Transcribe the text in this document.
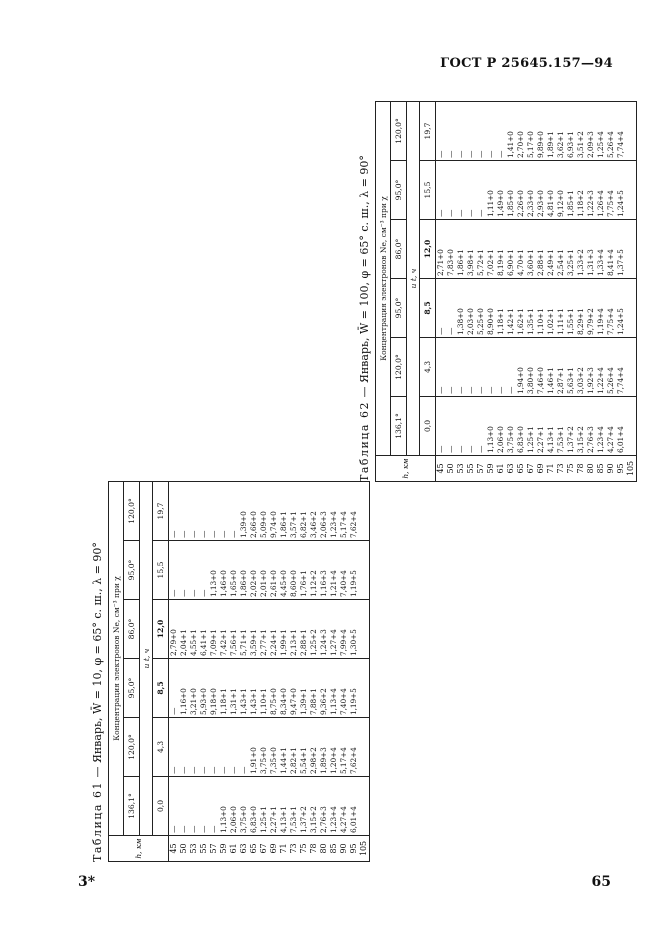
ГОСТ Р 25645.157—94
Таблица 61 — Январь, W̄ = 10, φ = 65° с. ш., λ = 90°
h, км	Концентрация электронов Ne, см⁻³ при χ					
	136,1°	120,0°	95,0°	86,0°	95,0°	120,0°
	и t, ч					
	0,0	4,3	8,5	12,0	15,5	19,7
45	—	—	—	2,79+0	—	—
50	—	—	1,16+0	2,04+1	—	—
53	—	—	3,21+0	4,55+1	—	—
55	—	—	5,93+0	6,41+1	—	—
57	—	—	9,18+0	7,09+1	1,13+0	—
59	1,13+0	—	1,18+1	7,42+1	1,46+0	—
61	2,06+0	—	1,31+1	7,56+1	1,65+0	—
63	3,75+0	—	1,43+1	5,71+1	1,86+0	1,39+0
65	6,83+0	1,91+0	1,43+1	3,59+1	2,02+0	2,66+0
67	1,25+1	3,75+0	1,10+1	2,77+1	2,01+0	5,09+0
69	2,27+1	7,35+0	8,75+0	2,24+1	2,61+0	9,74+0
71	4,13+1	1,44+1	8,34+0	1,99+1	4,45+0	1,86+1
73	7,53+1	2,82+1	9,47+0	2,13+1	8,60+0	3,57+1
75	1,37+2	5,54+1	1,39+1	2,88+1	1,76+1	6,82+1
78	3,15+2	2,98+2	7,88+1	1,25+2	1,12+2	3,46+2
80	2,76+3	1,89+3	9,36+2	1,24+3	1,16+3	2,06+3
85	1,23+4	1,20+4	1,13+4	1,27+4	1,21+4	1,23+4
90	4,27+4	5,17+4	7,40+4	7,99+4	7,40+4	5,17+4
95	6,01+4	7,62+4	1,19+5	1,30+5	1,19+5	7,62+4
105						
Таблица 62 — Январь, W̄ = 100, φ = 65° с. ш., λ = 90°
h, км	Концентрация электронов Ne, см⁻³ при χ					
	136,1°	120,0°	95,0°	86,0°	95,0°	120,0°
	и t, ч					
	0,0	4,3	8,5	12,0	15,5	19,7
45	—	—	—	2,71+0	—	—
50	—	—	—	7,83+0	—	—
53	—	—	1,38+0	1,86+1	—	—
55	—	—	2,03+0	3,98+1	—	—
57	—	—	5,25+0	5,72+1	—	—
59	1,13+0	—	8,90+0	7,02+1	1,11+0	—
61	2,06+0	—	1,18+1	8,19+1	1,49+0	—
63	3,75+0	—	1,42+1	6,90+1	1,85+0	1,41+0
65	6,83+0	1,94+0	1,62+1	4,70+1	2,26+0	2,70+0
67	1,25+1	3,80+0	1,35+1	3,60+1	2,33+0	5,17+0
69	2,27+1	7,46+0	1,10+1	2,88+1	2,93+0	9,89+0
71	4,13+1	1,46+1	1,02+1	2,49+1	4,81+0	1,89+1
73	7,53+1	2,87+1	1,11+1	2,54+1	9,12+0	3,62+1
75	1,37+2	5,63+1	1,55+1	3,25+1	1,85+1	6,93+1
78	3,15+2	3,03+2	8,29+1	1,33+2	1,18+2	3,51+2
80	2,76+3	1,92+3	9,79+2	1,31+3	1,22+3	2,09+3
85	1,23+4	1,22+4	1,19+4	1,33+4	1,26+4	1,25+4
90	4,27+4	5,26+4	7,75+4	8,41+4	7,75+4	5,26+4
95	6,01+4	7,74+4	1,24+5	1,37+5	1,24+5	7,74+4
105						
3*	65
